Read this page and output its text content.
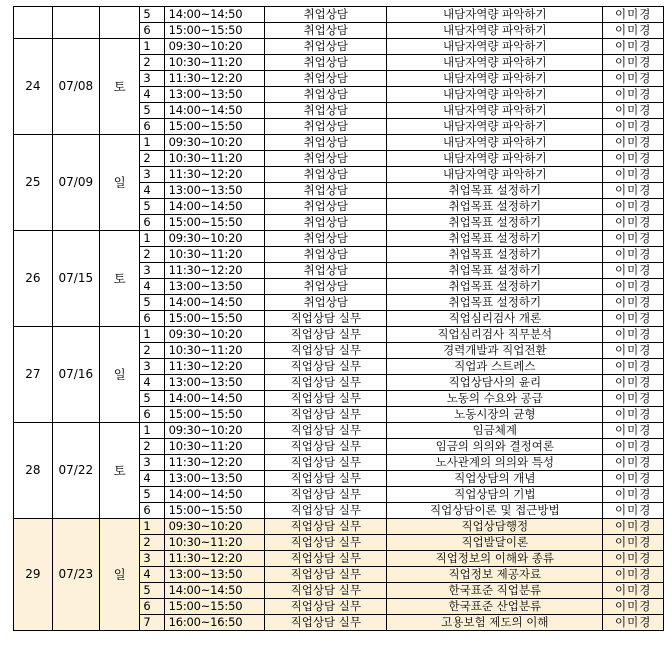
			5	14:00~14:50	취업상담	내담자역량 파악하기	이미경
			6	15:00~15:50	취업상담	내담자역량 파악하기	이미경
24	07/08	토	1	09:30~10:20	취업상담	내담자역량 파악하기	이미경
			2	10:30~11:20	취업상담	내담자역량 파악하기	이미경
			3	11:30~12:20	취업상담	내담자역량 파악하기	이미경
			4	13:00~13:50	취업상담	내담자역량 파악하기	이미경
			5	14:00~14:50	취업상담	내담자역량 파악하기	이미경
			6	15:00~15:50	취업상담	내담자역량 파악하기	이미경
25	07/09	일	1	09:30~10:20	취업상담	내담자역량 파악하기	이미경
			2	10:30~11:20	취업상담	내담자역량 파악하기	이미경
			3	11:30~12:20	취업상담	내담자역량 파악하기	이미경
			4	13:00~13:50	취업상담	취업목표 설정하기	이미경
			5	14:00~14:50	취업상담	취업목표 설정하기	이미경
			6	15:00~15:50	취업상담	취업목표 설정하기	이미경
26	07/15	토	1	09:30~10:20	취업상담	취업목표 설정하기	이미경
			2	10:30~11:20	취업상담	취업목표 설정하기	이미경
			3	11:30~12:20	취업상담	취업목표 설정하기	이미경
			4	13:00~13:50	취업상담	취업목표 설정하기	이미경
			5	14:00~14:50	취업상담	취업목표 설정하기	이미경
			6	15:00~15:50	직업상담 실무	직업심리검사 개론	이미경
27	07/16	일	1	09:30~10:20	직업상담 실무	직업심리검사 직무분석	이미경
			2	10:30~11:20	직업상담 실무	경력개발과 직업전환	이미경
			3	11:30~12:20	직업상담 실무	직업과 스트레스	이미경
			4	13:00~13:50	직업상담 실무	직업상담사의 윤리	이미경
			5	14:00~14:50	직업상담 실무	노동의 수요와 공급	이미경
			6	15:00~15:50	직업상담 실무	노동시장의 균형	이미경
28	07/22	토	1	09:30~10:20	직업상담 실무	임금체계	이미경
			2	10:30~11:20	직업상담 실무	임금의 의의와 결정여론	이미경
			3	11:30~12:20	직업상담 실무	노사관계의 의의와 특성	이미경
			4	13:00~13:50	직업상담 실무	직업상담의 개념	이미경
			5	14:00~14:50	직업상담 실무	직업상담의 기법	이미경
			6	15:00~15:50	직업상담 실무	직업상담이론 및 접근방법	이미경
29	07/23	일	1	09:30~10:20	직업상담 실무	직업상담행정	이미경
			2	10:30~11:20	직업상담 실무	직업발달이론	이미경
			3	11:30~12:20	직업상담 실무	직업정보의 이해와 종류	이미경
			4	13:00~13:50	직업상담 실무	직업정보 제공자료	이미경
			5	14:00~14:50	직업상담 실무	한국표준 직업분류	이미경
			6	15:00~15:50	직업상담 실무	한국표준 산업분류	이미경
			7	16:00~16:50	직업상담 실무	고용보험 제도의 이해	이미경
